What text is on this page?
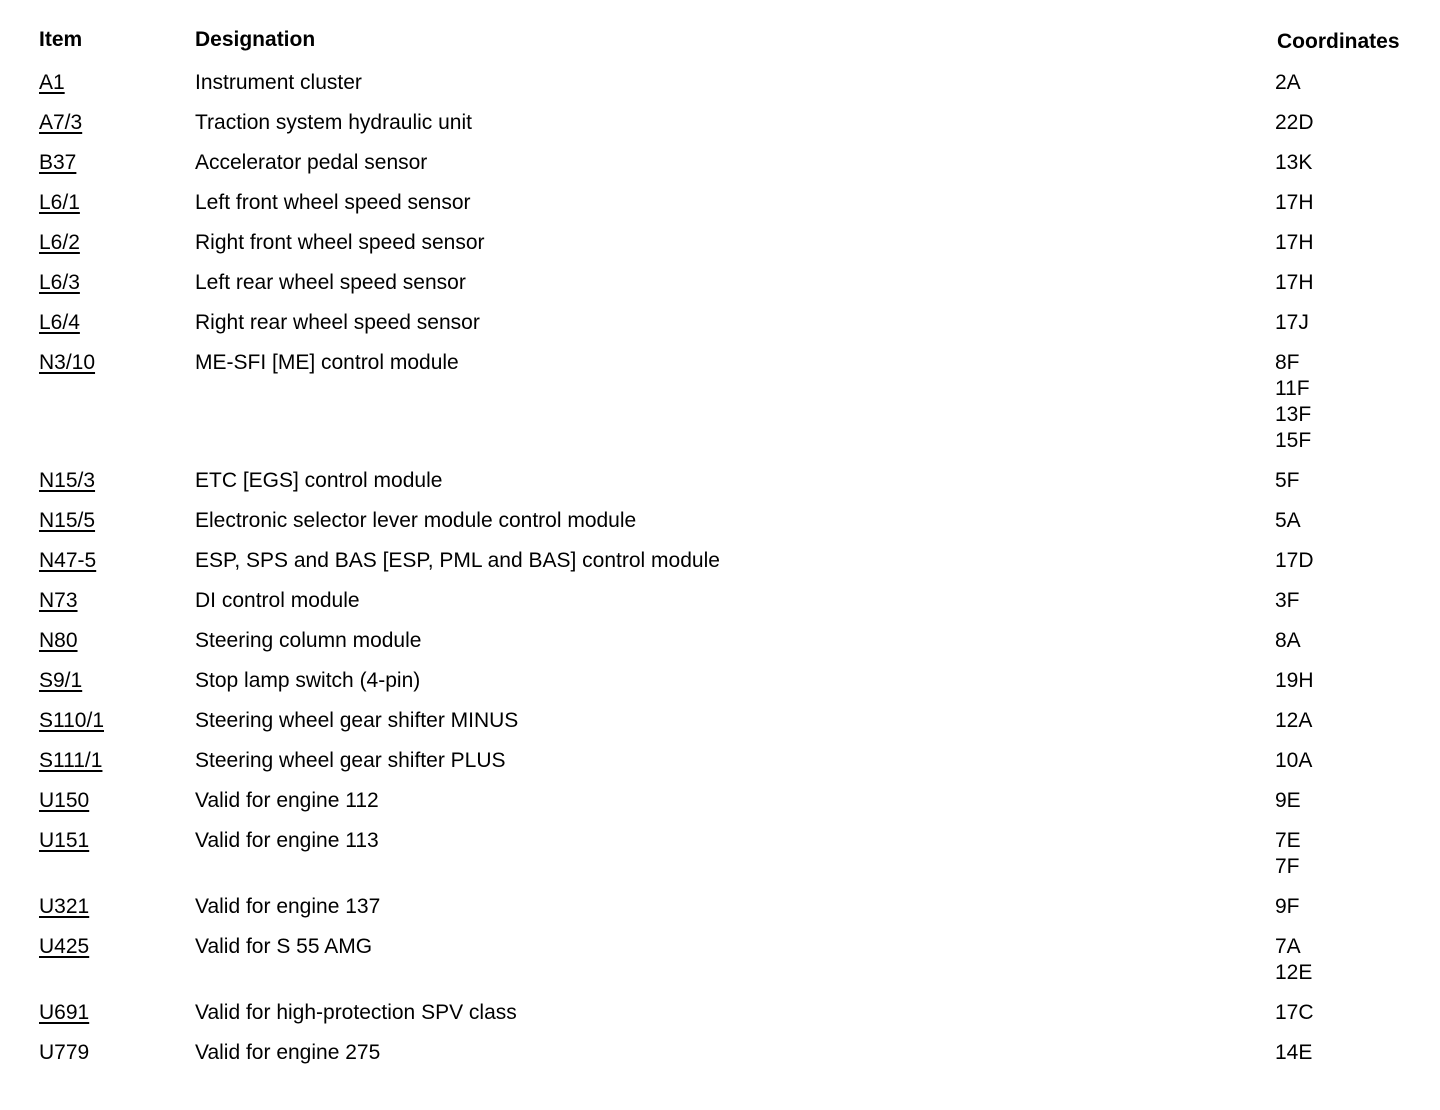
Item	Designation	Coordinates
A1	Instrument cluster	2A
A7/3	Traction system hydraulic unit	22D
B37	Accelerator pedal sensor	13K
L6/1	Left front wheel speed sensor	17H
L6/2	Right front wheel speed sensor	17H
L6/3	Left rear wheel speed sensor	17H
L6/4	Right rear wheel speed sensor	17J
N3/10	ME-SFI [ME] control module	8F
11F
13F
15F
N15/3	ETC [EGS] control module	5F
N15/5	Electronic selector lever module control module	5A
N47-5	ESP, SPS and BAS [ESP, PML and BAS] control module	17D
N73	DI control module	3F
N80	Steering column module	8A
S9/1	Stop lamp switch (4-pin)	19H
S110/1	Steering wheel gear shifter MINUS	12A
S111/1	Steering wheel gear shifter PLUS	10A
U150	Valid for engine 112	9E
U151	Valid for engine 113	7E
7F
U321	Valid for engine 137	9F
U425	Valid for S 55 AMG	7A
12E
U691	Valid for high-protection SPV class	17C
U779	Valid for engine 275	14E
